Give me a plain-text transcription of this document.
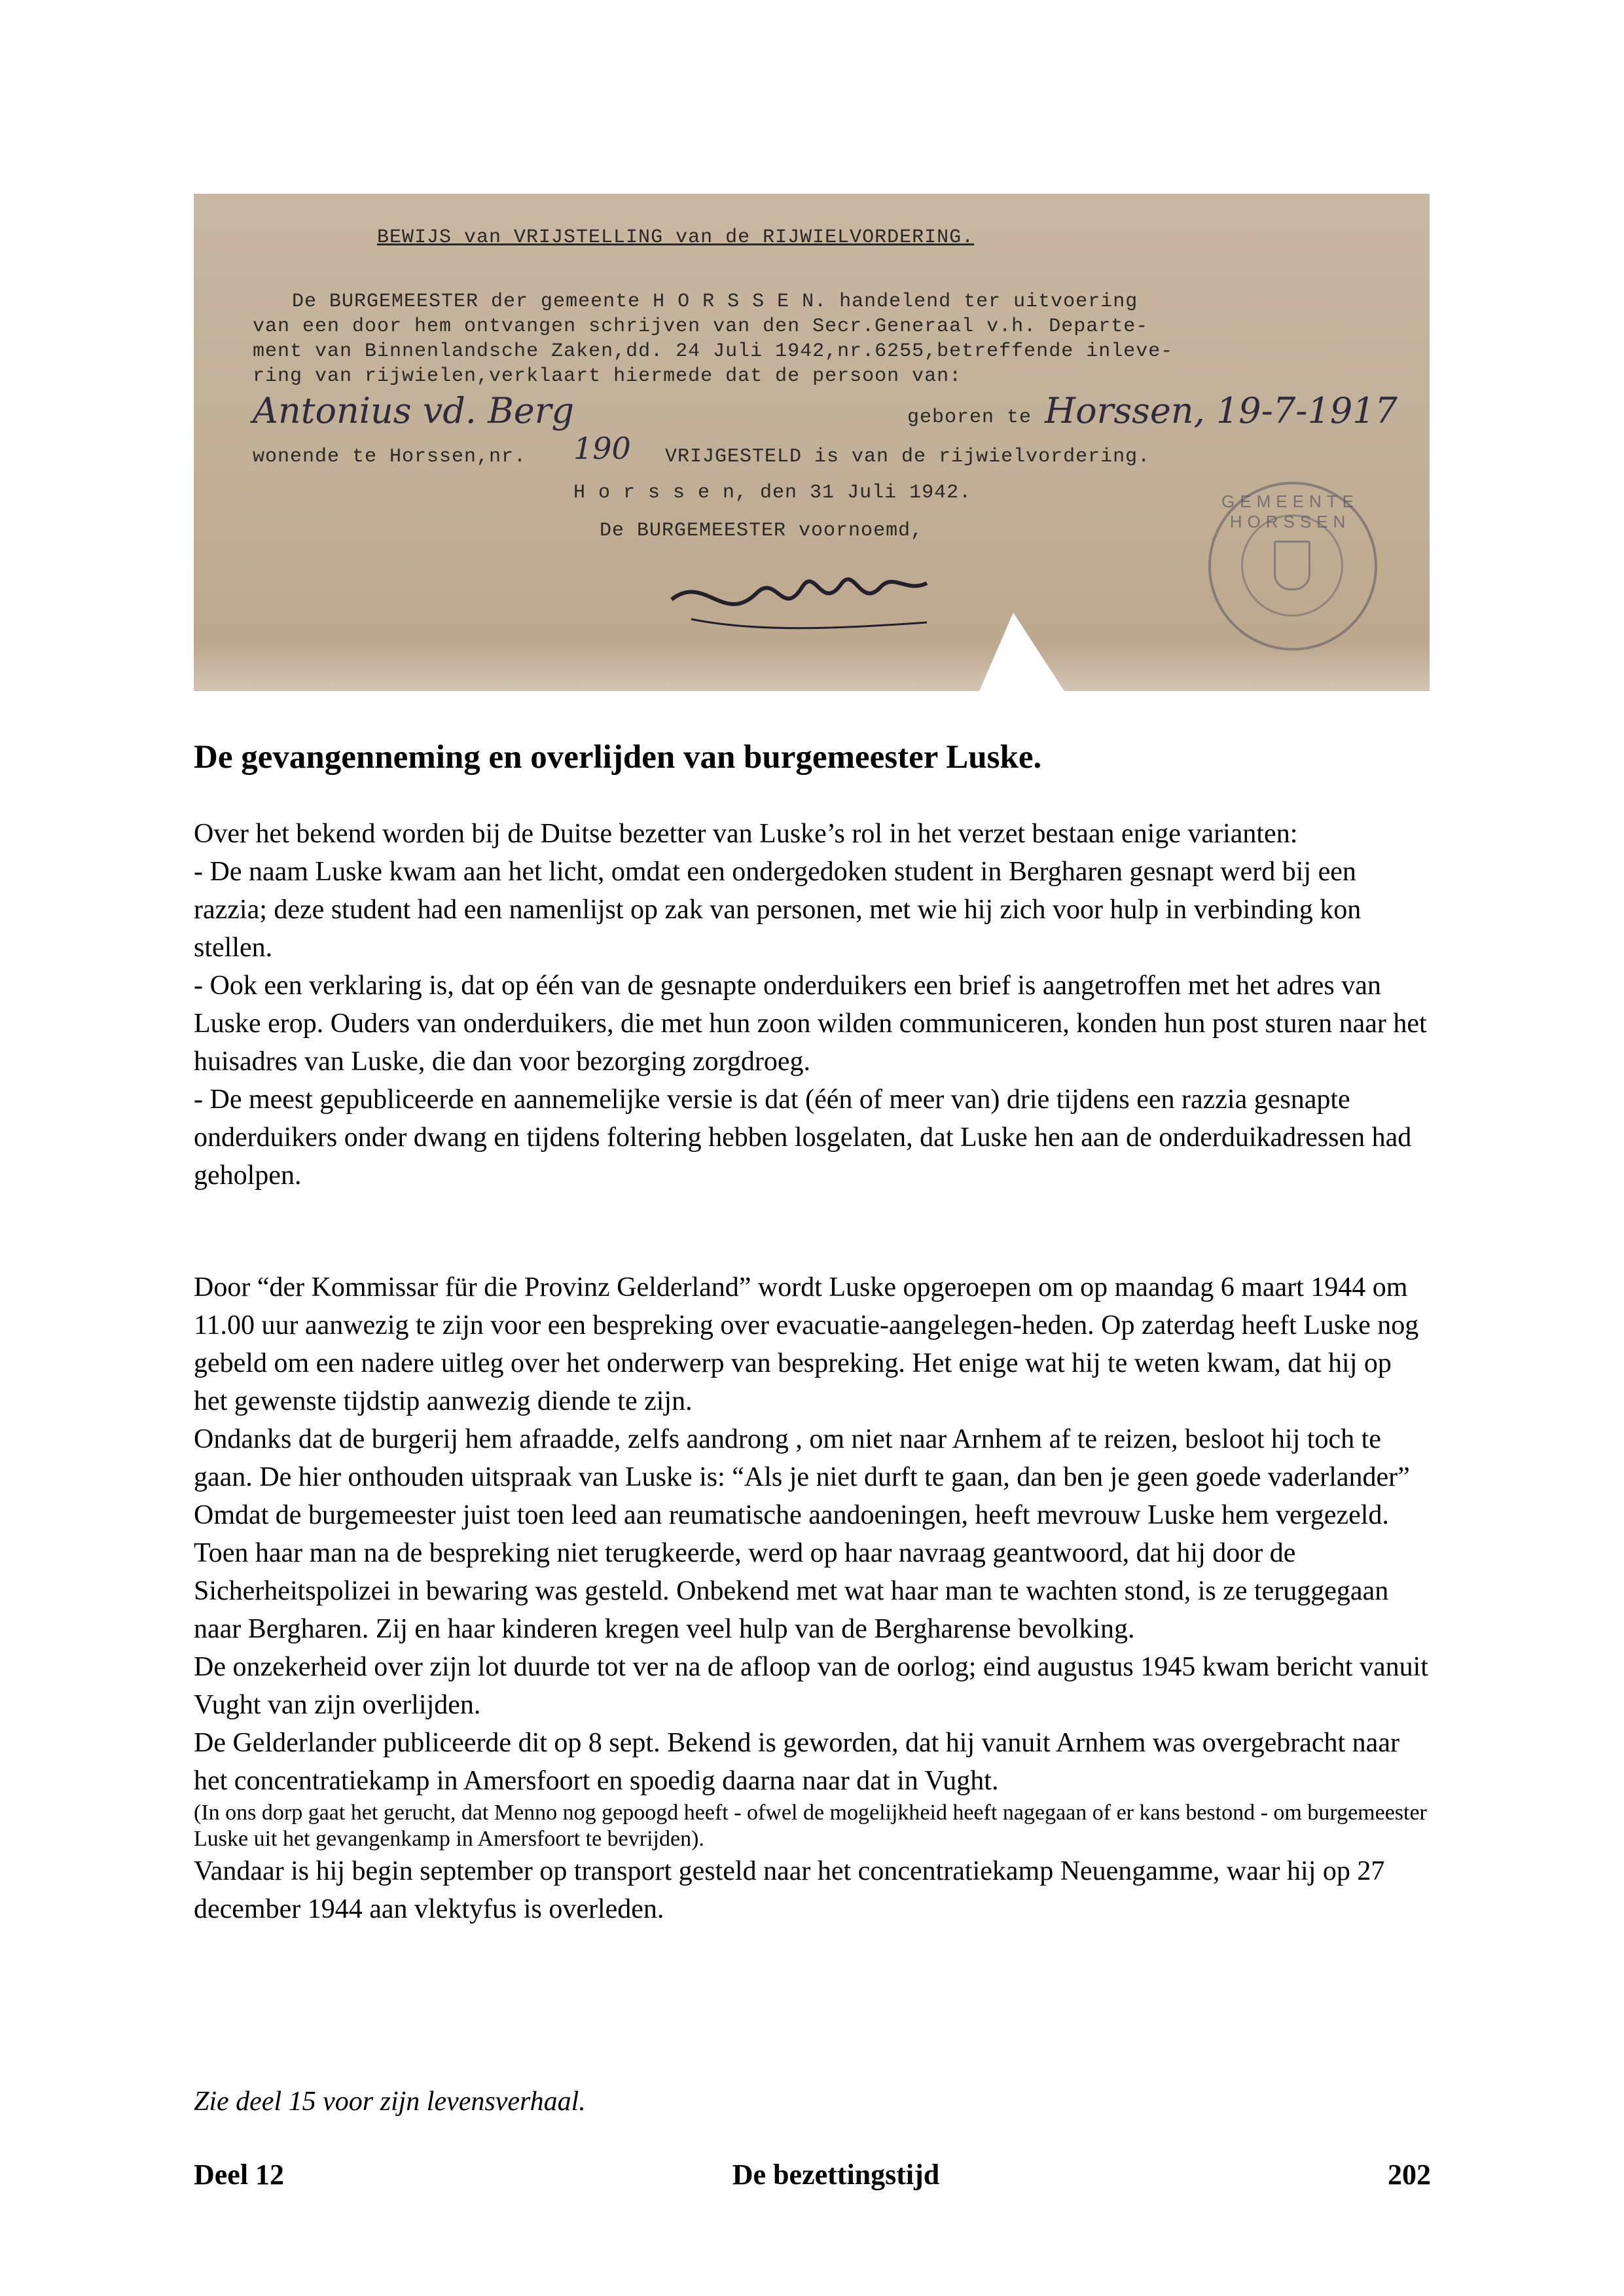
BEWIJS van VRIJSTELLING van de RIJWIELVORDERING.
De BURGEMEESTER der gemeente H O R S S E N. handelend ter uitvoering
van een door hem ontvangen schrijven van den Secr.Generaal v.h. Departe-
ment van Binnenlandsche Zaken,dd. 24 Juli 1942,nr.6255,betreffende inleve-
ring van rijwielen,verklaart hiermede dat de persoon van:
Antonius vd. Berg	geboren te Horssen, 19-7-1917
wonende te Horssen,nr. 190 VRIJGESTELD is van de rijwielvordering.
H o r s s e n, den 31 Juli 1942.
De BURGEMEESTER voornoemd,
GEMEENTE HORSSEN
De gevangenneming en overlijden van burgemeester Luske.

Over het bekend worden bij de Duitse bezetter van Luske’s rol in het verzet bestaan enige varianten:

- De naam Luske kwam aan het licht, omdat een ondergedoken student in Bergharen gesnapt werd bij een razzia; deze student had een namenlijst op zak van personen, met wie hij zich voor hulp in verbinding kon stellen.

- Ook een verklaring is, dat op één van de gesnapte onderduikers een brief is aangetroffen met het adres van Luske erop. Ouders van onderduikers, die met hun zoon wilden communiceren, konden hun post sturen naar het huisadres van Luske, die dan voor bezorging zorgdroeg.

- De meest gepubliceerde en aannemelijke versie is dat (één of meer van) drie tijdens een razzia gesnapte onderduikers onder dwang en tijdens foltering hebben losgelaten, dat Luske hen aan de onderduikadressen had geholpen.

Door “der Kommissar für die Provinz Gelderland” wordt Luske opgeroepen om op maandag 6 maart 1944 om 11.00 uur aanwezig te zijn voor een bespreking over evacuatie-aangelegen-heden. Op zaterdag heeft Luske nog gebeld om een nadere uitleg over het onderwerp van bespreking. Het enige wat hij te weten kwam, dat hij op het gewenste tijdstip aanwezig diende te zijn.

Ondanks dat de burgerij hem afraadde, zelfs aandrong , om niet naar Arnhem af te reizen, besloot hij toch te gaan. De hier onthouden uitspraak van Luske is: “Als je niet durft te gaan, dan ben je geen goede vaderlander”

Omdat de burgemeester juist toen leed aan reumatische aandoeningen, heeft mevrouw Luske hem vergezeld. Toen haar man na de bespreking niet terugkeerde, werd op haar navraag geantwoord, dat hij door de Sicherheitspolizei in bewaring was gesteld. Onbekend met wat haar man te wachten stond, is ze teruggegaan naar Bergharen. Zij en haar kinderen kregen veel hulp van de Bergharense bevolking.

De onzekerheid over zijn lot duurde tot ver na de afloop van de oorlog; eind augustus 1945 kwam bericht vanuit Vught van zijn overlijden.

De Gelderlander publiceerde dit op 8 sept. Bekend is geworden, dat hij vanuit Arnhem was overgebracht naar het concentratiekamp in Amersfoort en spoedig daarna naar dat in Vught.

(In ons dorp gaat het gerucht, dat Menno nog gepoogd heeft - ofwel de mogelijkheid heeft nagegaan of er kans bestond - om burgemeester Luske uit het gevangenkamp in Amersfoort te bevrijden).

Vandaar is hij begin september op transport gesteld naar het concentratiekamp Neuengamme, waar hij op 27 december 1944 aan vlektyfus is overleden.

Zie deel 15 voor zijn levensverhaal.
Deel 12	De bezettingstijd	202
